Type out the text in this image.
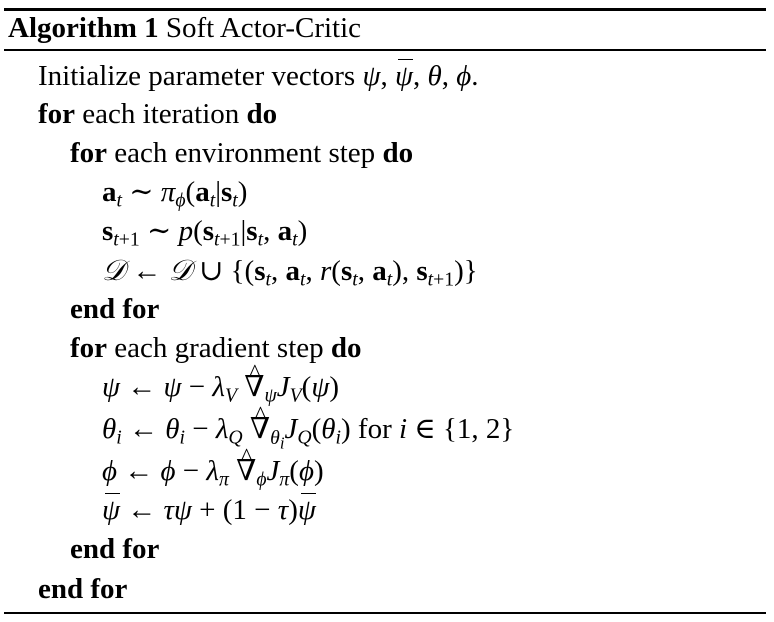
Algorithm 1 Soft Actor-Critic
Initialize parameter vectors ψ, ψ, θ, ϕ.
for each iteration do
for each environment step do
$a_t$ ∼ $\pi_\phi(a_t|s_t)$
$s_{t+1}$ ∼ $p(s_{t+1}|s_t$, $a_t$)
𝒟 ← 𝒟 ∪ {($s_t$, $a_t$, $r(s_t$, $a_t$), $s_{t+1}$)}
end for
for each gradient step do
ψ ← $\psi - \lambda_V$ ^ $\nabla_\psi J_V(\psi)$
$\theta_i$ ← $\theta_i - \lambda_Q$ ^ $\nabla_{\theta_i}J_Q(\theta_i)$ for i ∈ {1, 2}
ϕ ← $\phi - \lambda_\pi$ ^ $\nabla_\phi J_\pi(\phi)$
ψ ← τψ + (1 − τ)ψ
end for
end for
